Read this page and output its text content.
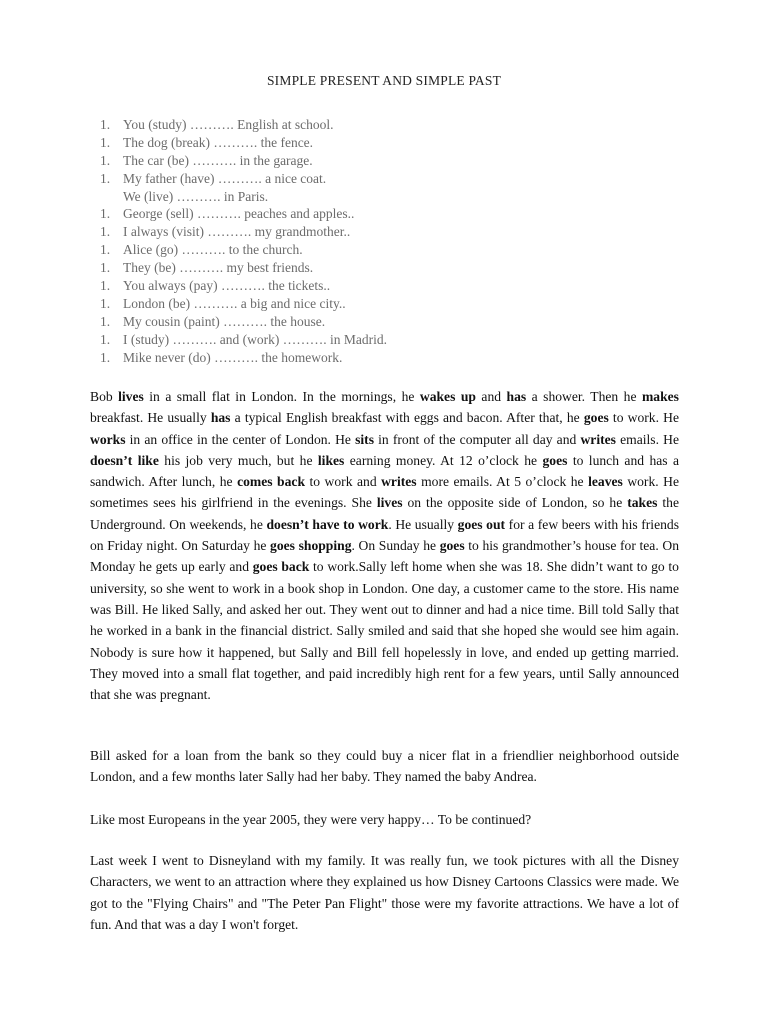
SIMPLE PRESENT AND SIMPLE PAST
1. You (study) ………. English at school.
1. The dog (break) ………. the fence.
1. The car (be) ………. in the garage.
1. My father (have) ………. a nice coat.
We (live) ………. in Paris.
1. George (sell) ………. peaches and apples..
1. I always (visit) ………. my grandmother..
1. Alice (go) ………. to the church.
1. They (be) ………. my best friends.
1. You always (pay) ………. the tickets..
1. London (be) ………. a big and nice city..
1. My cousin (paint) ………. the house.
1. I (study) ………. and (work) ………. in Madrid.
1. Mike never (do) ………. the homework.

Bob lives in a small flat in London. In the mornings, he wakes up and has a shower. Then he makes breakfast. He usually has a typical English breakfast with eggs and bacon. After that, he goes to work. He works in an office in the center of London. He sits in front of the computer all day and writes emails. He doesn’t like his job very much, but he likes earning money. At 12 o’clock he goes to lunch and has a sandwich. After lunch, he comes back to work and writes more emails. At 5 o’clock he leaves work. He sometimes sees his girlfriend in the evenings. She lives on the opposite side of London, so he takes the Underground. On weekends, he doesn’t have to work. He usually goes out for a few beers with his friends on Friday night. On Saturday he goes shopping. On Sunday he goes to his grandmother’s house for tea. On Monday he gets up early and goes back to work.Sally left home when she was 18. She didn’t want to go to university, so she went to work in a book shop in London. One day, a customer came to the store. His name was Bill. He liked Sally, and asked her out. They went out to dinner and had a nice time. Bill told Sally that he worked in a bank in the financial district. Sally smiled and said that she hoped she would see him again. Nobody is sure how it happened, but Sally and Bill fell hopelessly in love, and ended up getting married. They moved into a small flat together, and paid incredibly high rent for a few years, until Sally announced that she was pregnant.

Bill asked for a loan from the bank so they could buy a nicer flat in a friendlier neighborhood outside London, and a few months later Sally had her baby. They named the baby Andrea.

Like most Europeans in the year 2005, they were very happy… To be continued?

Last week I went to Disneyland with my family. It was really fun, we took pictures with all the Disney Characters, we went to an attraction where they explained us how Disney Cartoons Classics were made. We got to the "Flying Chairs" and "The Peter Pan Flight" those were my favorite attractions. We have a lot of fun. And that was a day I won't forget.
